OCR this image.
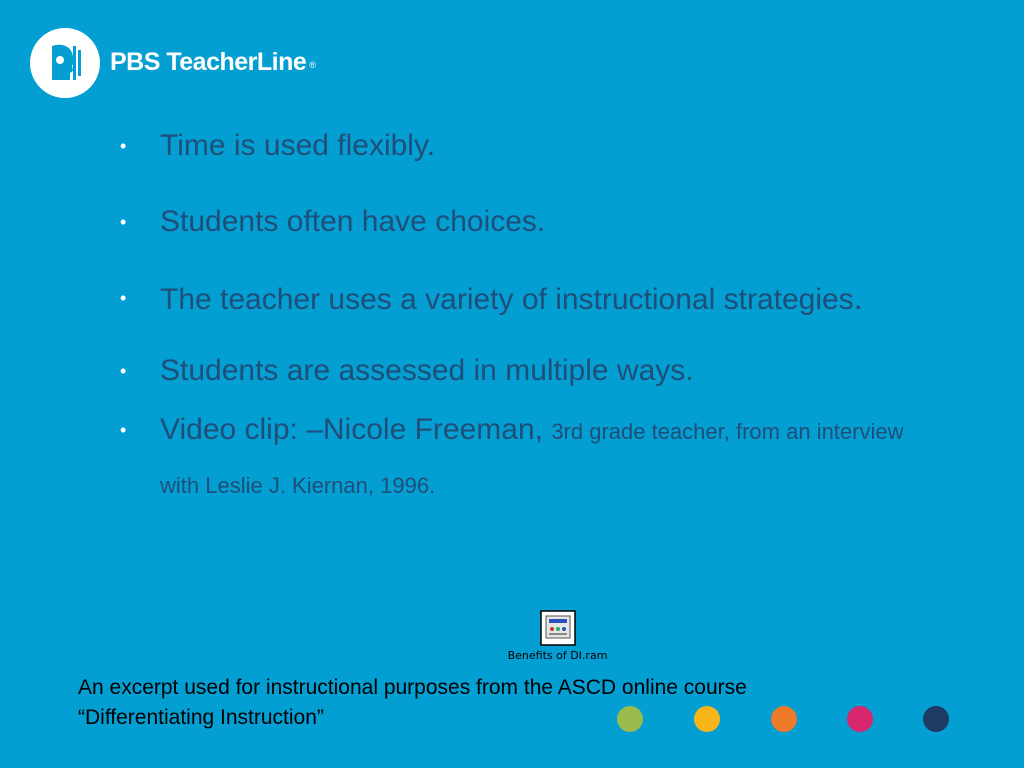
PBS TeacherLine ®
• Time is used flexibly.
• Students often have choices.
• The teacher uses a variety of instructional strategies.
• Students are assessed in multiple ways.
• Video clip: –Nicole Freeman, 3rd grade teacher, from an interview with Leslie J. Kiernan, 1996.
Benefits of DI.ram
An excerpt used for instructional purposes from the ASCD online course
“Differentiating Instruction”
